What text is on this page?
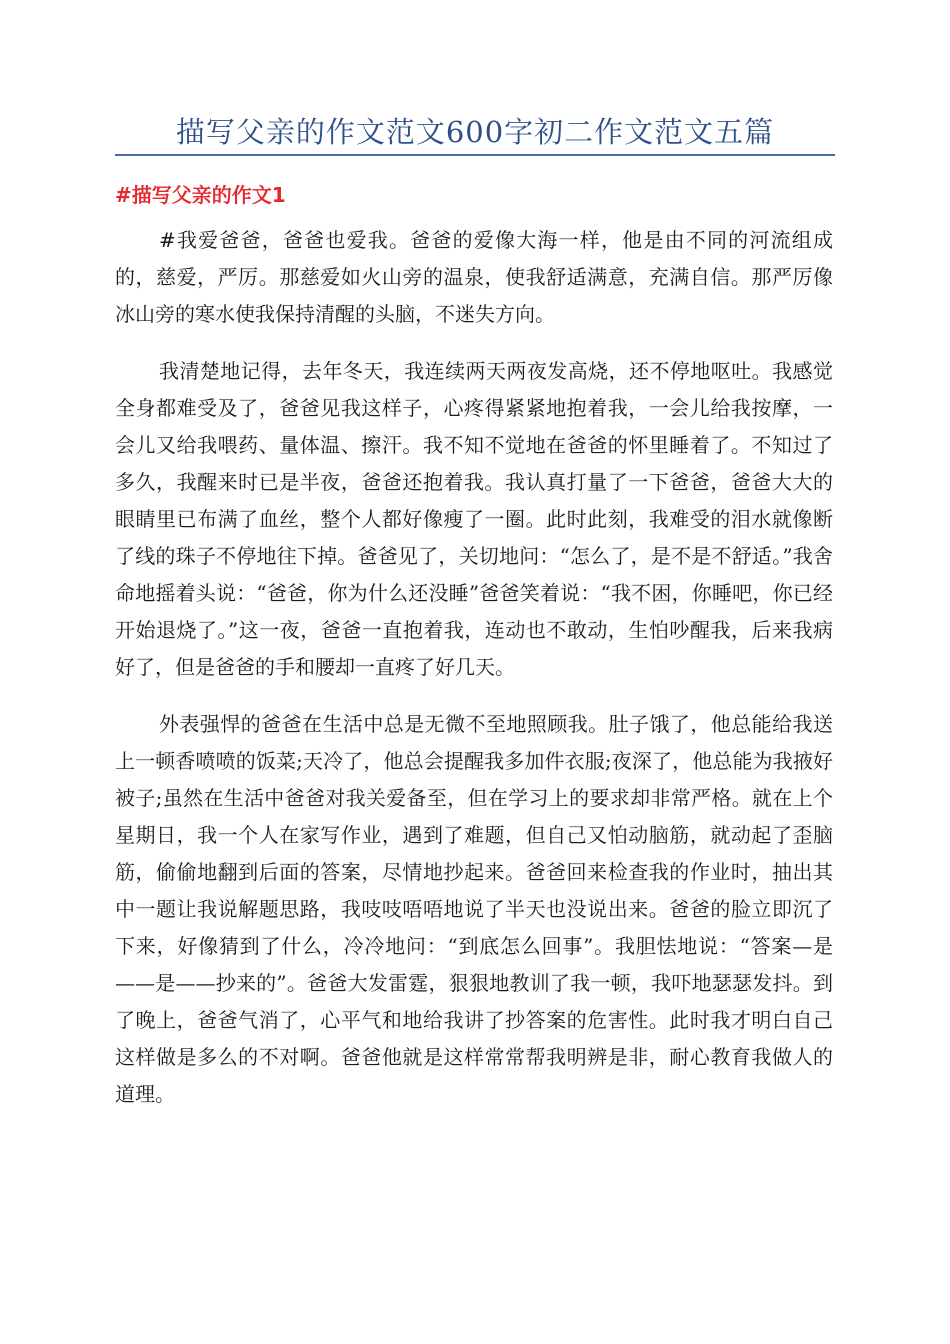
描写父亲的作文范文600字初二作文范文五篇
#描写父亲的作文1

#我爱爸爸，爸爸也爱我。爸爸的爱像大海一样，他是由不同的河流组成的，慈爱，严厉。那慈爱如火山旁的温泉，使我舒适满意，充满自信。那严厉像冰山旁的寒水使我保持清醒的头脑，不迷失方向。

我清楚地记得，去年冬天，我连续两天两夜发高烧，还不停地呕吐。我感觉全身都难受及了，爸爸见我这样子，心疼得紧紧地抱着我，一会儿给我按摩，一会儿又给我喂药、量体温、擦汗。我不知不觉地在爸爸的怀里睡着了。不知过了多久，我醒来时已是半夜，爸爸还抱着我。我认真打量了一下爸爸，爸爸大大的眼睛里已布满了血丝，整个人都好像瘦了一圈。此时此刻，我难受的泪水就像断了线的珠子不停地往下掉。爸爸见了，关切地问：“怎么了，是不是不舒适。”我舍命地摇着头说：“爸爸，你为什么还没睡”爸爸笑着说：“我不困，你睡吧，你已经开始退烧了。”这一夜，爸爸一直抱着我，连动也不敢动，生怕吵醒我，后来我病好了，但是爸爸的手和腰却一直疼了好几天。

外表强悍的爸爸在生活中总是无微不至地照顾我。肚子饿了，他总能给我送上一顿香喷喷的饭菜;天冷了，他总会提醒我多加件衣服;夜深了，他总能为我掖好被子;虽然在生活中爸爸对我关爱备至，但在学习上的要求却非常严格。就在上个星期日，我一个人在家写作业，遇到了难题，但自己又怕动脑筋，就动起了歪脑筋，偷偷地翻到后面的答案，尽情地抄起来。爸爸回来检查我的作业时，抽出其中一题让我说解题思路，我吱吱唔唔地说了半天也没说出来。爸爸的脸立即沉了下来，好像猜到了什么，冷冷地问：“到底怎么回事”。我胆怯地说：“答案—是——是——抄来的”。爸爸大发雷霆，狠狠地教训了我一顿，我吓地瑟瑟发抖。到了晚上，爸爸气消了，心平气和地给我讲了抄答案的危害性。此时我才明白自己这样做是多么的不对啊。爸爸他就是这样常常帮我明辨是非，耐心教育我做人的道理。
